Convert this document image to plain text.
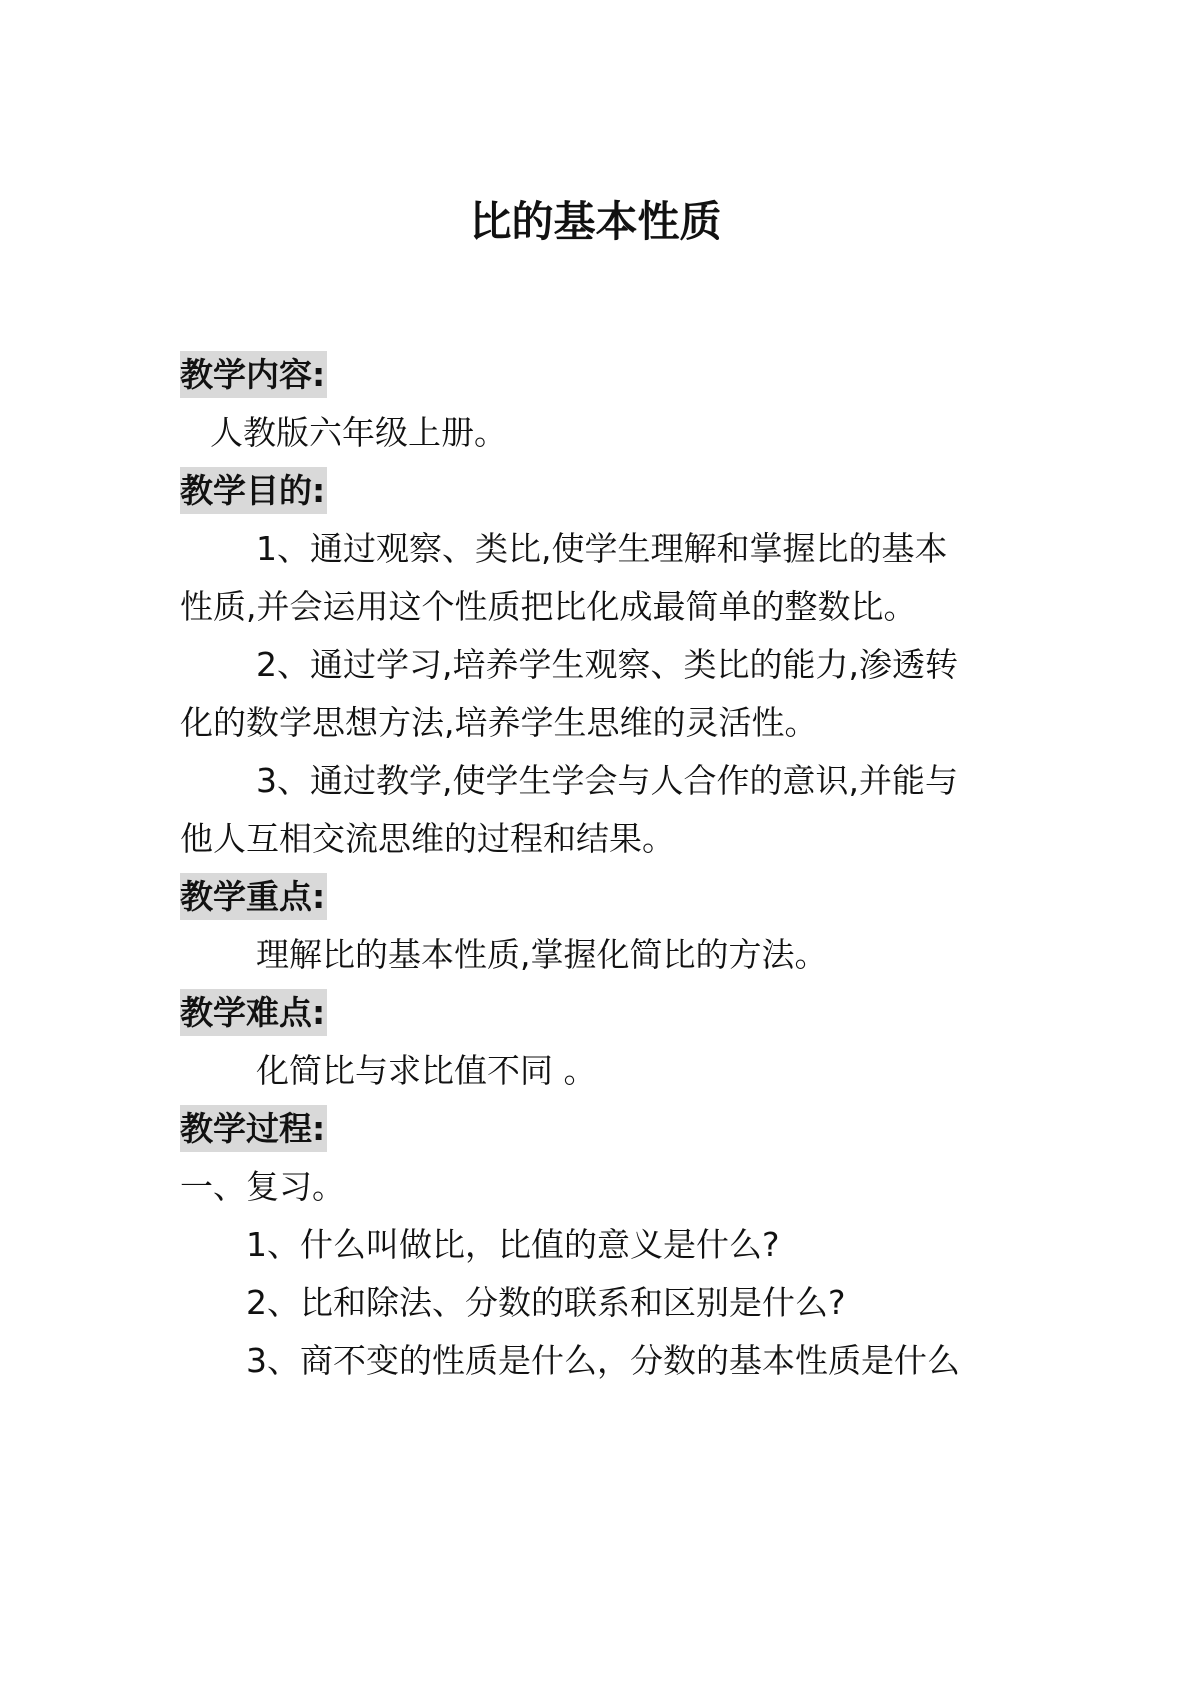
比的基本性质
教学内容:
人教版六年级上册。
教学目的:
1、通过观察、类比,使学生理解和掌握比的基本
性质,并会运用这个性质把比化成最简单的整数比。
2、通过学习,培养学生观察、类比的能力,渗透转
化的数学思想方法,培养学生思维的灵活性。
3、通过教学,使学生学会与人合作的意识,并能与
他人互相交流思维的过程和结果。
教学重点:
理解比的基本性质,掌握化简比的方法。
教学难点:
化简比与求比值不同 。
教学过程:
一、复习。
1、什么叫做比，比值的意义是什么?
2、比和除法、分数的联系和区别是什么?
3、商不变的性质是什么，分数的基本性质是什么
